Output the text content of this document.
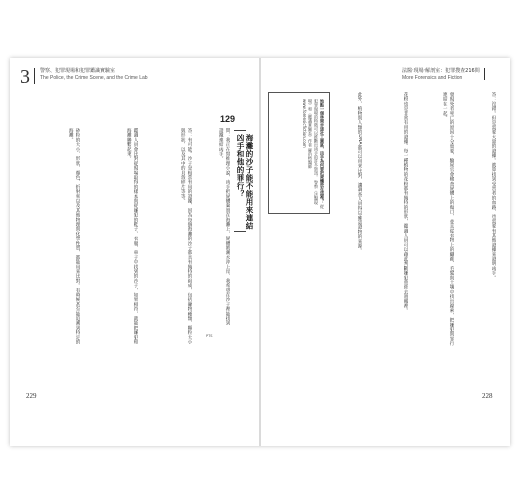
3 警察、犯罪現場和犯罪鑑識實驗室
The Police, the Crime Scene, and the Crime Lab
129
海灘的沙子能不能用來連結凶手和他的罪行？
問：我正在寫推理小說，凶手把屍體棄置在海灘上，屍體被潮水沖上岸，我希望在沙子裡能找到證據連結凶手。
答：有可能。沙子是相當有用的證據，因為每個海灘的沙子都具有獨特的組成，包括礦物種類、顆粒大小與形狀，以及其中的貝殼碎片等等。
鑑識人員會比對從現場取得的樣本與從嫌犯的鞋子、衣服、車子中找到的沙子，如果相符，就能把嫌犯和海灘聯繫起來。
砂粒的大小、形狀、顏色、折射率以及其他物理與化學性質，都能用來比對。有時候甚至能追溯到特定的海灘。
PTS
229
法醫‧現場‧解剖室：犯罪搜查216問
More Forensics and Fiction
答：沒錯。但是需要大量的證據。就算找到受害者的血跡，也需要有其他證據來證明凶手。
發現死者死亡的原因十分重要，驗屍官會檢查屍體上的傷口，並且從衣物上的纖維、毛髮與土壤中找出線索，把嫌犯與罪行連結在一起。
花粉也是非常有用的證據。每一種植物的花粉都有獨特的形狀，鑑識人員可以藉此判斷嫌犯曾經去過哪裡。
此外，植物與人類的DNA都可以用來比對，讓調查人員得以確認證物的來源。
地點一個林間步道社工園區，凶手為何要把屍體放在這裡？ 從犯罪現場的特徵可以推斷出凶手的許多資訊。 警察《法醫現場》和《鑑識實驗室》作者 羅伯特醫師 www.forensicfiction.com
228
